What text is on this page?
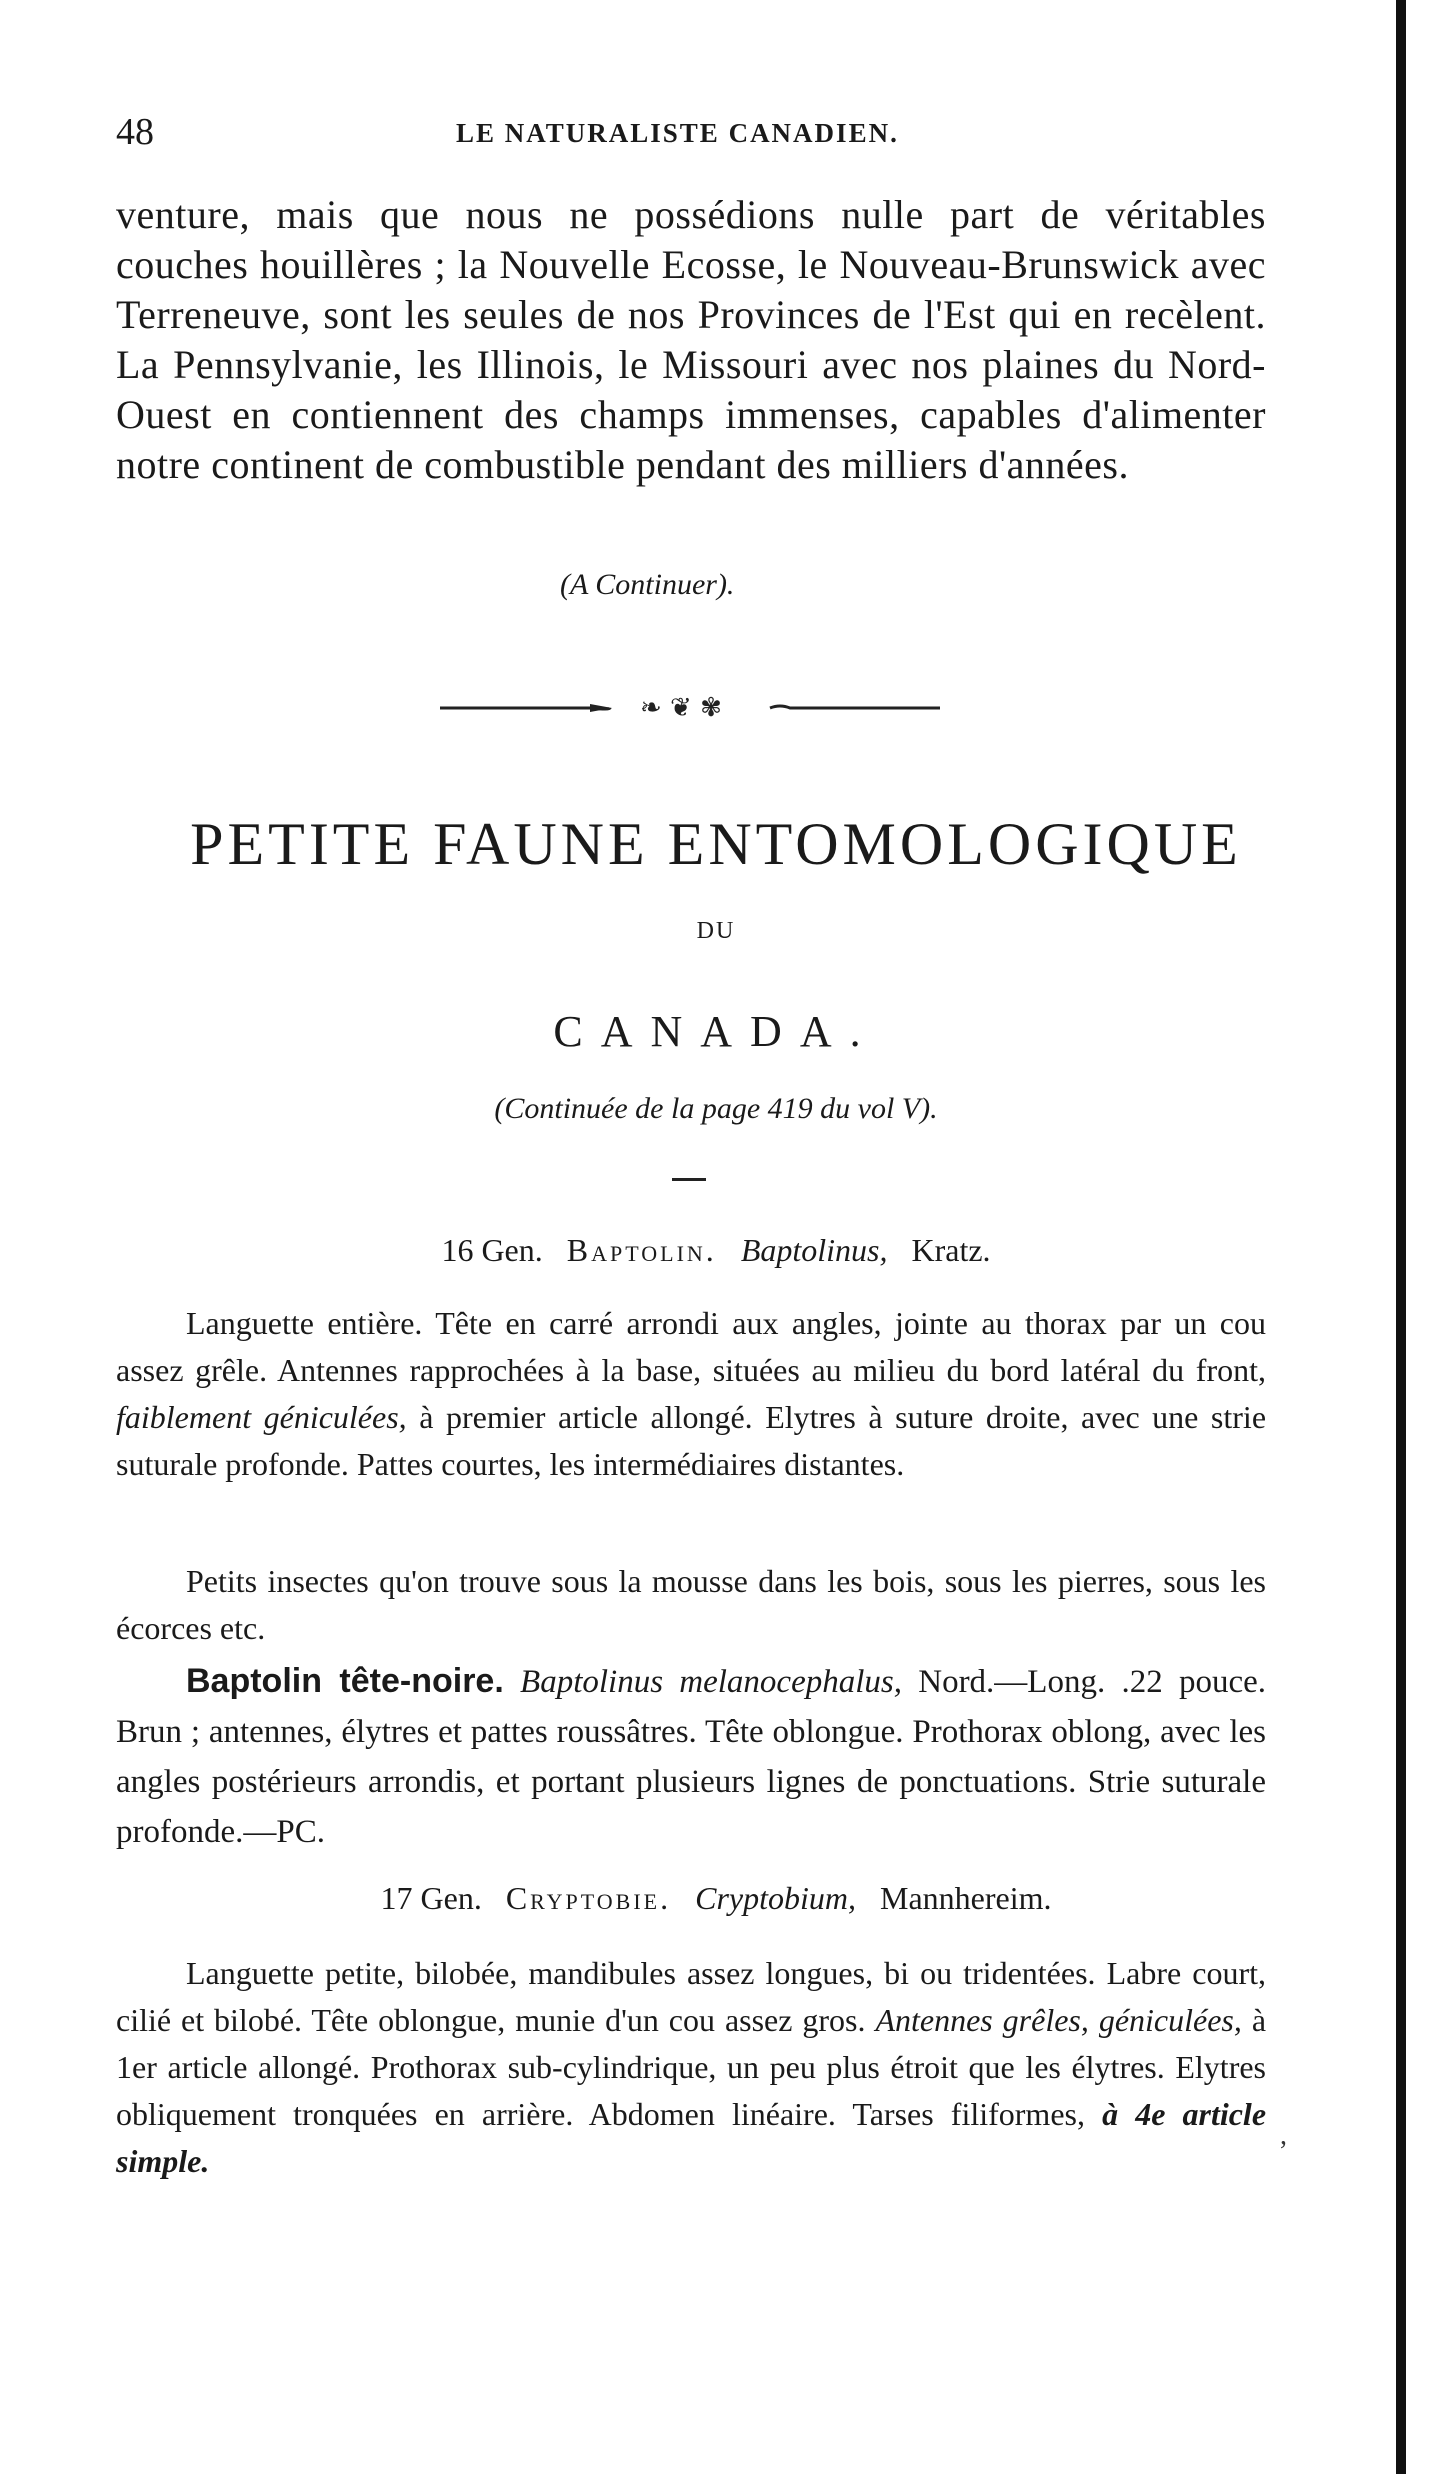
48	LE NATURALISTE CANADIEN.
venture, mais que nous ne possédions nulle part de véritables couches houillères ; la Nouvelle Ecosse, le Nouveau-Brunswick avec Terreneuve, sont les seules de nos Provinces de l'Est qui en recèlent. La Pennsylvanie, les Illinois, le Missouri avec nos plaines du Nord-Ouest en contiennent des champs immenses, capables d'alimenter notre continent de combustible pendant des milliers d'années.
(A Continuer).
❧ ❦ ✾
PETITE FAUNE ENTOMOLOGIQUE
DU
CANADA.
(Continuée de la page 419 du vol V).
16 Gen. Baptolin. Baptolinus, Kratz.
Languette entière. Tête en carré arrondi aux angles, jointe au thorax par un cou assez grêle. Antennes rapprochées à la base, situées au milieu du bord latéral du front, faiblement géniculées, à premier article allongé. Elytres à suture droite, avec une strie suturale profonde. Pattes courtes, les intermédiaires distantes.
Petits insectes qu'on trouve sous la mousse dans les bois, sous les pierres, sous les écorces etc.
Baptolin tête-noire. Baptolinus melanocephalus, Nord.—Long. .22 pouce. Brun ; antennes, élytres et pattes roussâtres. Tête oblongue. Prothorax oblong, avec les angles postérieurs arrondis, et portant plusieurs lignes de ponctuations. Strie suturale profonde.—PC.
17 Gen. Cryptobie. Cryptobium, Mannhereim.
Languette petite, bilobée, mandibules assez longues, bi ou tridentées. Labre court, cilié et bilobé. Tête oblongue, munie d'un cou assez gros. Antennes grêles, géniculées, à 1er article allongé. Prothorax sub-cylindrique, un peu plus étroit que les élytres. Elytres obliquement tronquées en arrière. Abdomen linéaire. Tarses filiformes, à 4e article simple.
,
